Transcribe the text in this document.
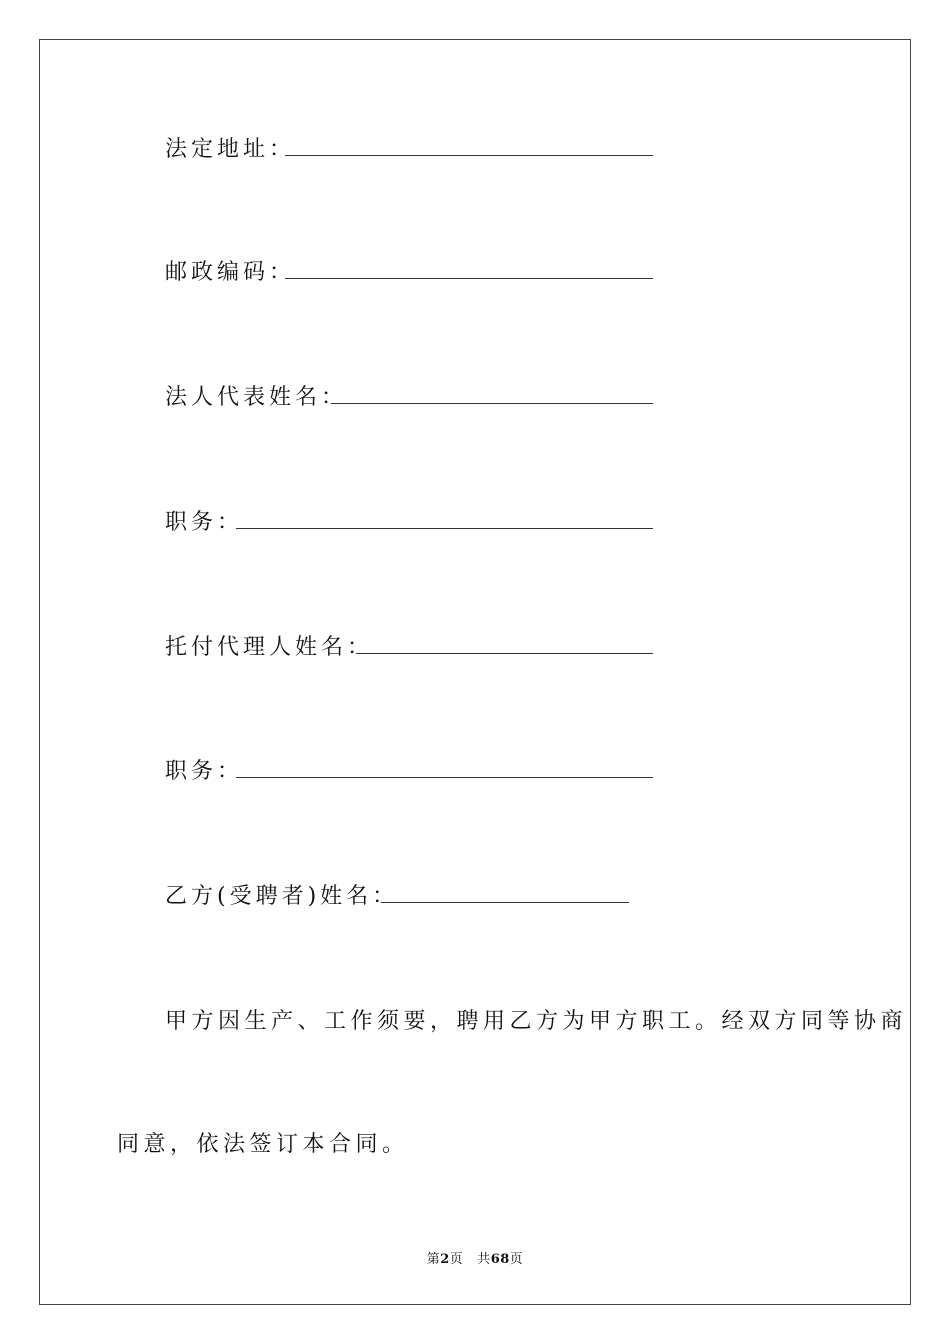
法定地址：
邮政编码：
法人代表姓名：
职务：
托付代理人姓名：
职务：
乙方(受聘者)姓名：
甲方因生产、工作须要，聘用乙方为甲方职工。经双方同等协商
同意，依法签订本合同。
第2页 共68页
